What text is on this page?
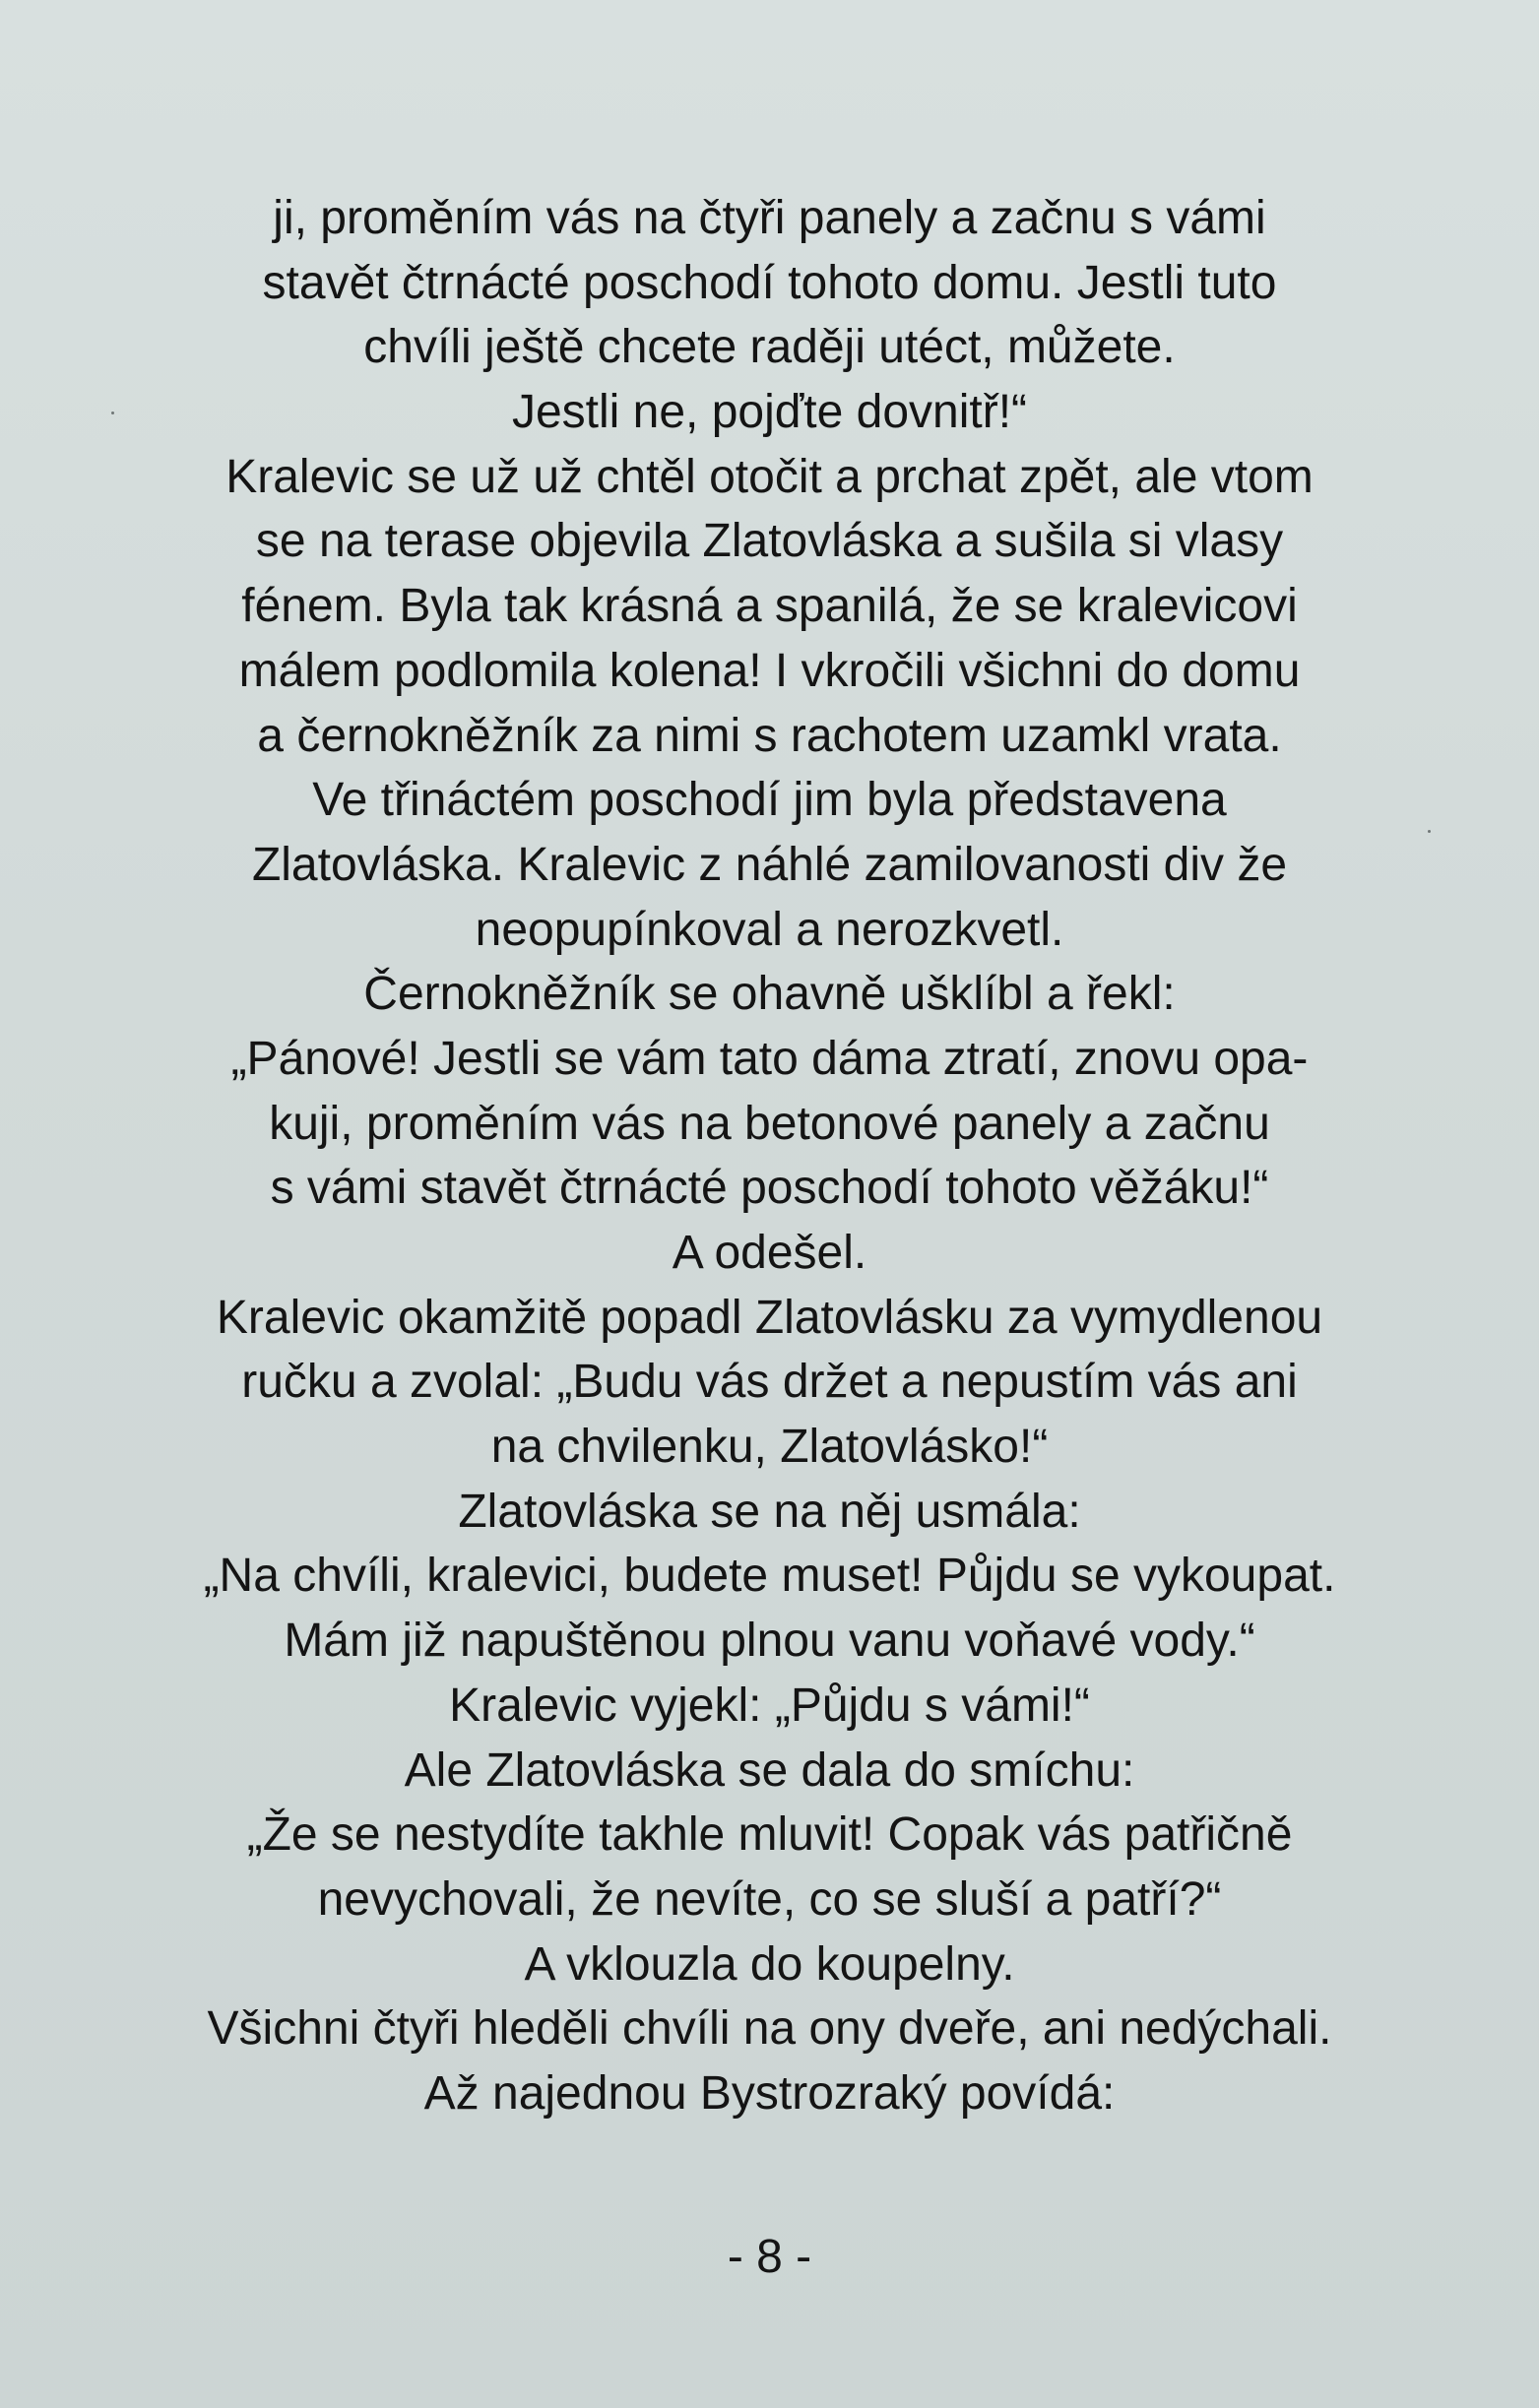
ji, proměním vás na čtyři panely a začnu s vámi
stavět čtrnácté poschodí tohoto domu. Jestli tuto
chvíli ještě chcete raději utéct, můžete.
Jestli ne, pojďte dovnitř!“
Kralevic se už už chtěl otočit a prchat zpět, ale vtom
se na terase objevila Zlatovláska a sušila si vlasy
fénem. Byla tak krásná a spanilá, že se kralevicovi
málem podlomila kolena! I vkročili všichni do domu
a černokněžník za nimi s rachotem uzamkl vrata.
Ve třináctém poschodí jim byla představena
Zlatovláska. Kralevic z náhlé zamilovanosti div že
neopupínkoval a nerozkvetl.
Černokněžník se ohavně ušklíbl a řekl:
„Pánové! Jestli se vám tato dáma ztratí, znovu opa-
kuji, proměním vás na betonové panely a začnu
s vámi stavět čtrnácté poschodí tohoto věžáku!“
A odešel.
Kralevic okamžitě popadl Zlatovlásku za vymydlenou
ručku a zvolal: „Budu vás držet a nepustím vás ani
na chvilenku, Zlatovlásko!“
Zlatovláska se na něj usmála:
„Na chvíli, kralevici, budete muset! Půjdu se vykoupat.
Mám již napuštěnou plnou vanu voňavé vody.“
Kralevic vyjekl: „Půjdu s vámi!“
Ale Zlatovláska se dala do smíchu:
„Že se nestydíte takhle mluvit! Copak vás patřičně
nevychovali, že nevíte, co se sluší a patří?“
A vklouzla do koupelny.
Všichni čtyři hleděli chvíli na ony dveře, ani nedýchali.
Až najednou Bystrozraký povídá:
- 8 -
